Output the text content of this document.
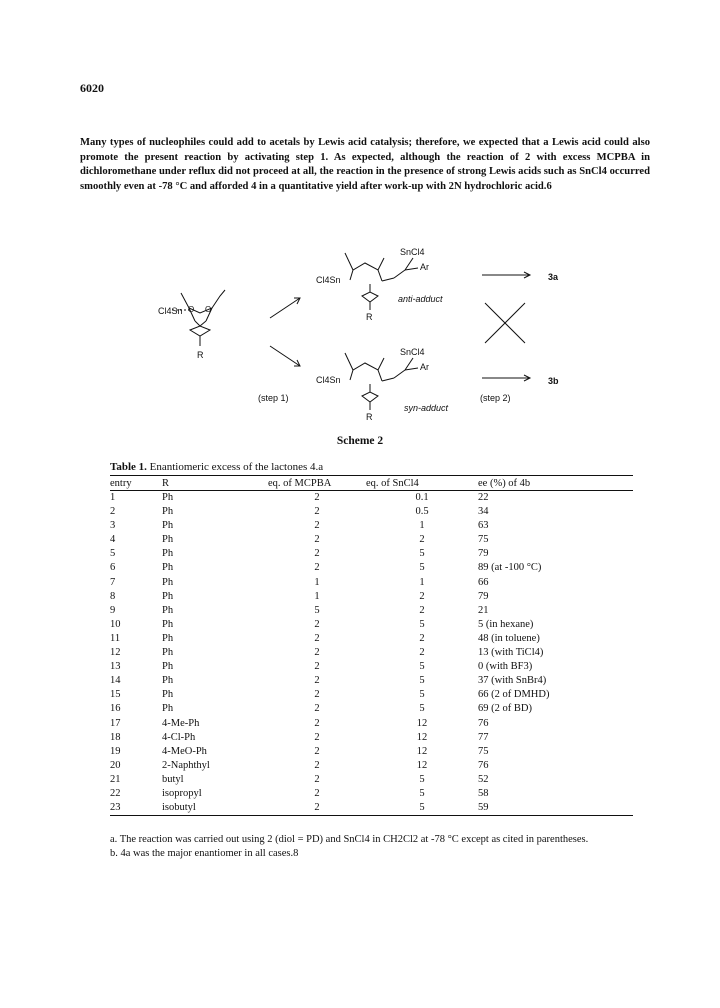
6020
Many types of nucleophiles could add to acetals by Lewis acid catalysis; therefore, we expected that a Lewis acid could also promote the present reaction by activating step 1. As expected, although the reaction of 2 with excess MCPBA in dichloromethane under reflux did not proceed at all, the reaction in the presence of strong Lewis acids such as SnCl4 occurred smoothly even at -78 °C and afforded 4 in a quantitative yield after work-up with 2N hydrochloric acid.6
Cl4Sn
R
O O
SnCl4
Cl4Sn
Ar
R
SnCl4
Cl4Sn
Ar
R
anti-adduct
syn-adduct
(step 1)	(step 2)
3a
3b
Scheme 2
Table 1. Enantiomeric excess of the lactones 4.a
entry	R	eq. of MCPBA	eq. of SnCl4	ee (%) of 4b
1	Ph	2	0.1	22
2	Ph	2	0.5	34
3	Ph	2	1	63
4	Ph	2	2	75
5	Ph	2	5	79
6	Ph	2	5	89 (at -100 °C)
7	Ph	1	1	66
8	Ph	1	2	79
9	Ph	5	2	21
10	Ph	2	5	5 (in hexane)
11	Ph	2	2	48 (in toluene)
12	Ph	2	2	13 (with TiCl4)
13	Ph	2	5	0 (with BF3)
14	Ph	2	5	37 (with SnBr4)
15	Ph	2	5	66 (2 of DMHD)
16	Ph	2	5	69 (2 of BD)
17	4-Me-Ph	2	12	76
18	4-Cl-Ph	2	12	77
19	4-MeO-Ph	2	12	75
20	2-Naphthyl	2	12	76
21	butyl	2	5	52
22	isopropyl	2	5	58
23	isobutyl	2	5	59
a. The reaction was carried out using 2 (diol = PD) and SnCl4 in CH2Cl2 at -78 °C except as cited in parentheses.
b. 4a was the major enantiomer in all cases.8
